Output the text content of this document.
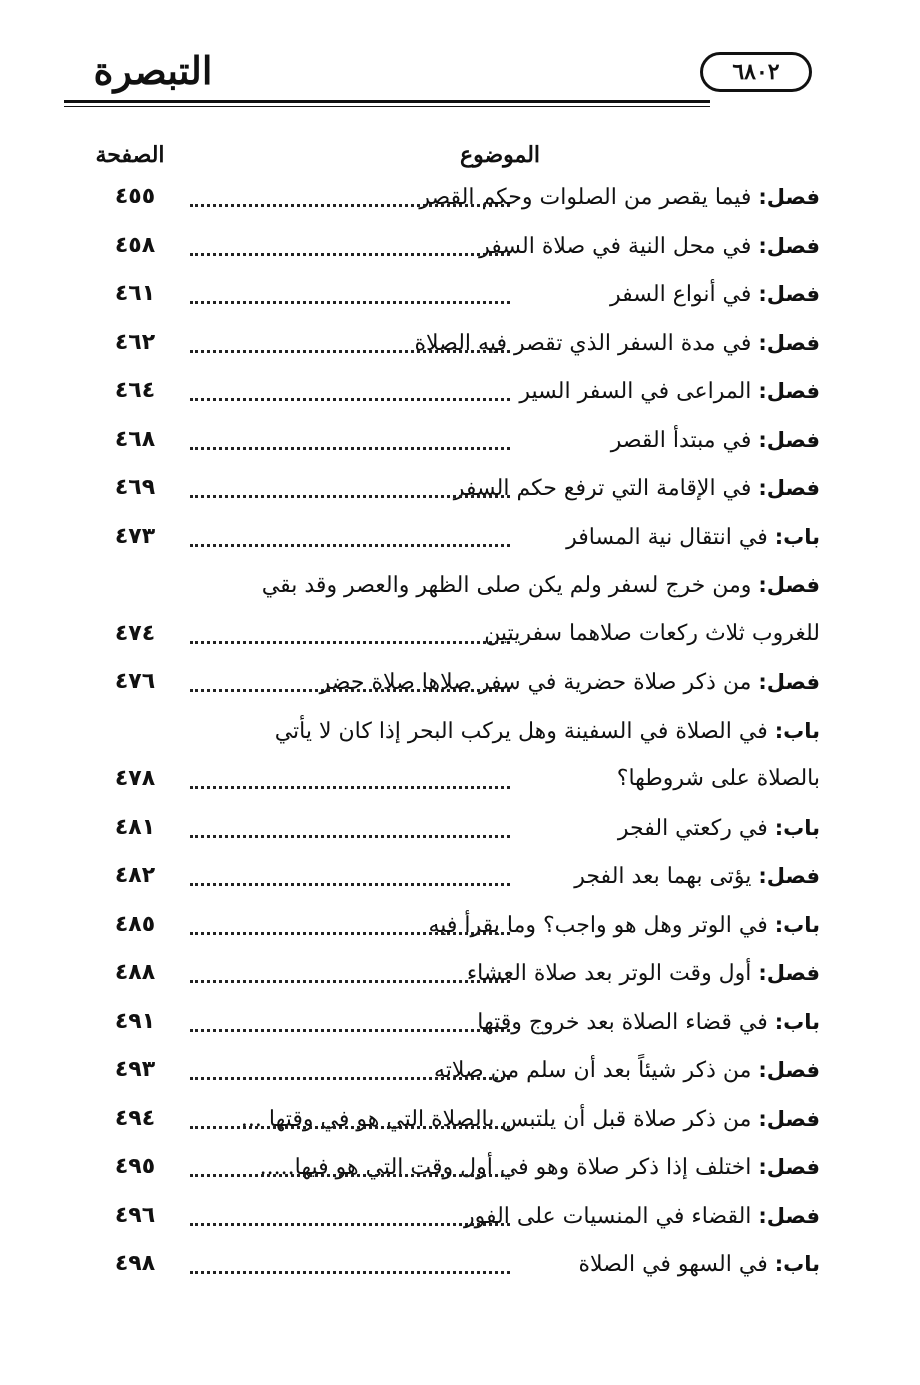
التبصرة	٦٨٠٢
الموضوع
الصفحة
فصل: فيما يقصر من الصلوات وحكم القصر
٤٥٥
فصل: في محل النية في صلاة السفر
٤٥٨
فصل: في أنواع السفر
٤٦١
فصل: في مدة السفر الذي تقصر فيه الصلاة
٤٦٢
فصل: المراعى في السفر السير
٤٦٤
فصل: في مبتدأ القصر
٤٦٨
فصل: في الإقامة التي ترفع حكم السفر
٤٦٩
باب: في انتقال نية المسافر
٤٧٣
فصل: ومن خرج لسفر ولم يكن صلى الظهر والعصر وقد بقي
للغروب ثلاث ركعات صلاهما سفريتين
٤٧٤
فصل: من ذكر صلاة حضرية في سفر صلاها صلاة حضر
٤٧٦
باب: في الصلاة في السفينة وهل يركب البحر إذا كان لا يأتي
بالصلاة على شروطها؟
٤٧٨
باب: في ركعتي الفجر
٤٨١
فصل: يؤتى بهما بعد الفجر
٤٨٢
باب: في الوتر وهل هو واجب؟ وما يقرأ فيه
٤٨٥
فصل: أول وقت الوتر بعد صلاة العشاء
٤٨٨
باب: في قضاء الصلاة بعد خروج وقتها
٤٩١
فصل: من ذكر شيئاً بعد أن سلم من صلاته
٤٩٣
فصل: من ذكر صلاة قبل أن يلتبس بالصلاة التي هو في وقتها ...
٤٩٤
فصل: اختلف إذا ذكر صلاة وهو في أول وقت التي هو فيها.....
٤٩٥
فصل: القضاء في المنسيات على الفور
٤٩٦
باب: في السهو في الصلاة
٤٩٨
